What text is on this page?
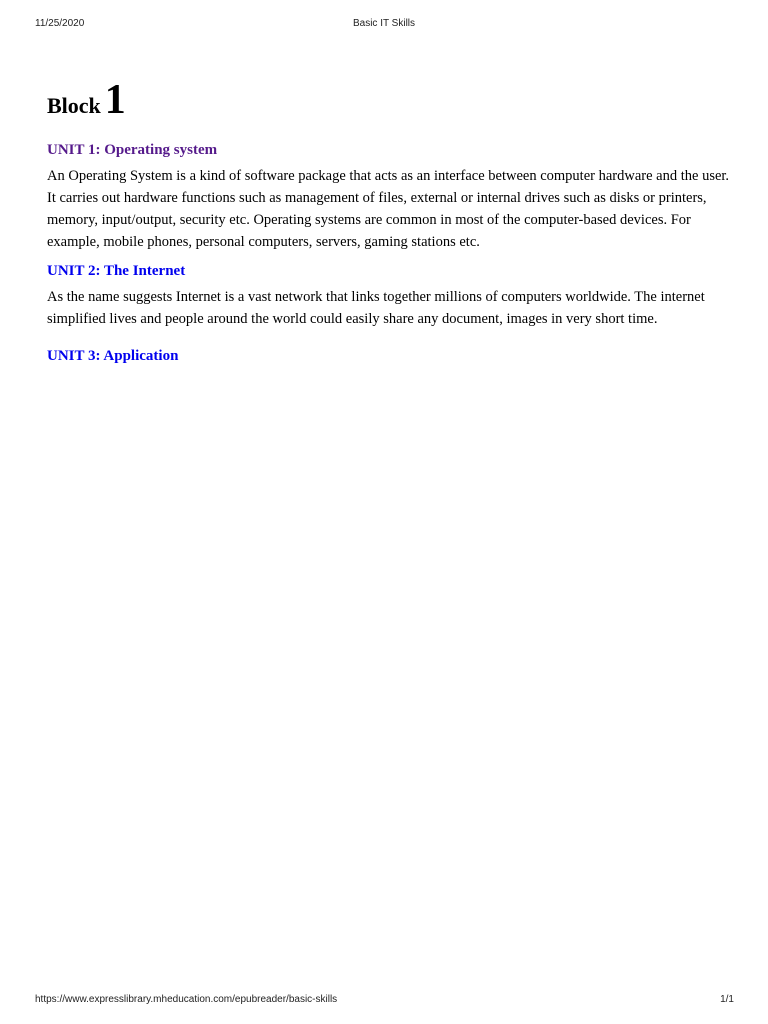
11/25/2020	Basic IT Skills
Block1
UNIT 1: Operating system

An Operating System is a kind of software package that acts as an interface between computer hardware and the user. It carries out hardware functions such as management of files, external or internal drives such as disks or printers, memory, input/output, security etc. Operating systems are common in most of the computer-based devices. For example, mobile phones, personal computers, servers, gaming stations etc.

UNIT 2: The Internet

As the name suggests Internet is a vast network that links together millions of computers worldwide. The internet simplified lives and people around the world could easily share any document, images in very short time.

UNIT 3: Application
https://www.expresslibrary.mheducation.com/epubreader/basic-skills	1/1
